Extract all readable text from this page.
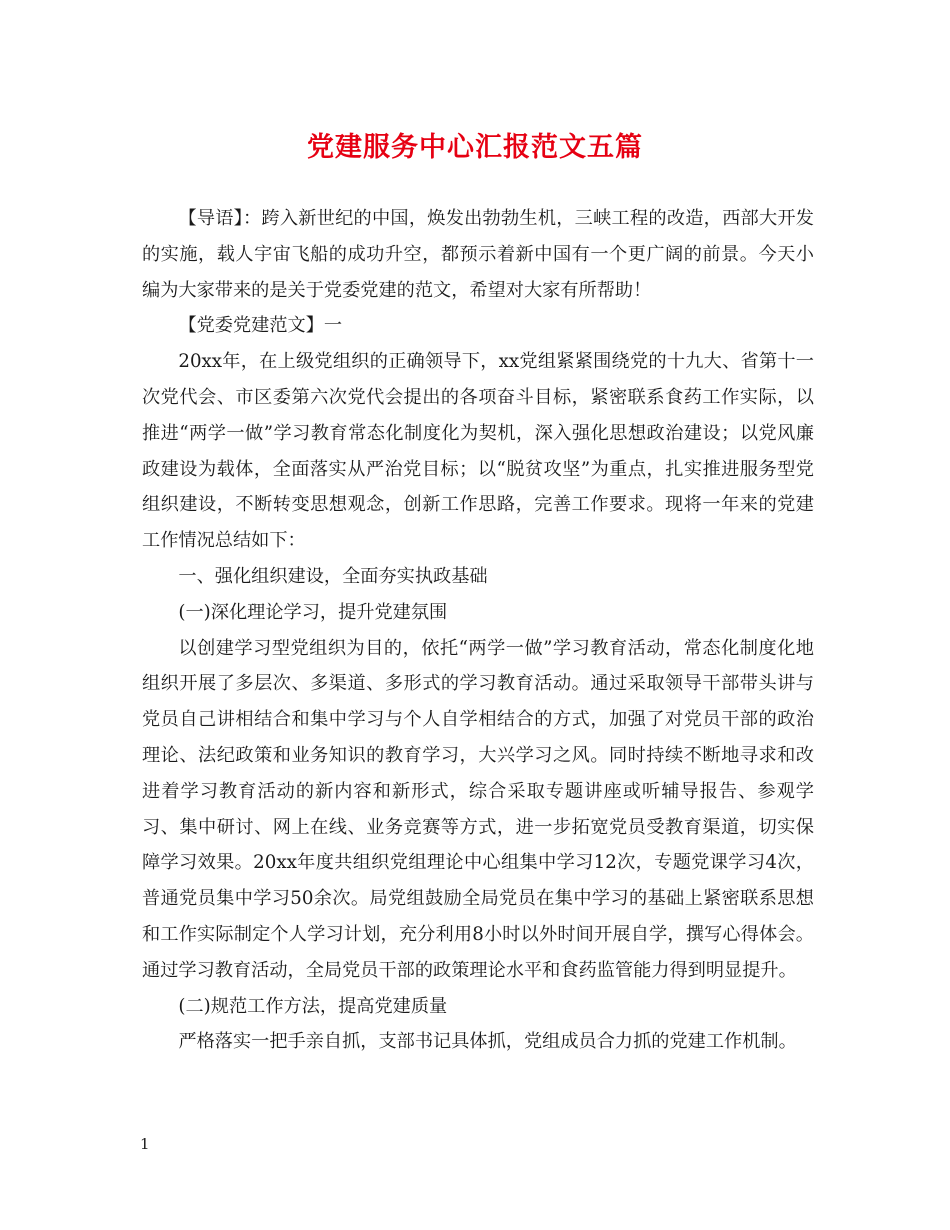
党建服务中心汇报范文五篇

【导语】：跨入新世纪的中国，焕发出勃勃生机，三峡工程的改造，西部大开发的实施，载人宇宙飞船的成功升空，都预示着新中国有一个更广阔的前景。今天小编为大家带来的是关于党委党建的范文，希望对大家有所帮助！

【党委党建范文】一

20xx年，在上级党组织的正确领导下，xx党组紧紧围绕党的十九大、省第十一次党代会、市区委第六次党代会提出的各项奋斗目标，紧密联系食药工作实际，以推进“两学一做”学习教育常态化制度化为契机，深入强化思想政治建设；以党风廉政建设为载体，全面落实从严治党目标；以“脱贫攻坚”为重点，扎实推进服务型党组织建设，不断转变思想观念，创新工作思路，完善工作要求。现将一年来的党建工作情况总结如下：

一、强化组织建设，全面夯实执政基础

(一)深化理论学习，提升党建氛围

以创建学习型党组织为目的，依托“两学一做”学习教育活动，常态化制度化地组织开展了多层次、多渠道、多形式的学习教育活动。通过采取领导干部带头讲与党员自己讲相结合和集中学习与个人自学相结合的方式，加强了对党员干部的政治理论、法纪政策和业务知识的教育学习，大兴学习之风。同时持续不断地寻求和改进着学习教育活动的新内容和新形式，综合采取专题讲座或听辅导报告、参观学习、集中研讨、网上在线、业务竞赛等方式，进一步拓宽党员受教育渠道，切实保障学习效果。20xx年度共组织党组理论中心组集中学习12次，专题党课学习4次，普通党员集中学习50余次。局党组鼓励全局党员在集中学习的基础上紧密联系思想和工作实际制定个人学习计划，充分利用8小时以外时间开展自学，撰写心得体会。通过学习教育活动，全局党员干部的政策理论水平和食药监管能力得到明显提升。

(二)规范工作方法，提高党建质量

严格落实一把手亲自抓，支部书记具体抓，党组成员合力抓的党建工作机制。

1
